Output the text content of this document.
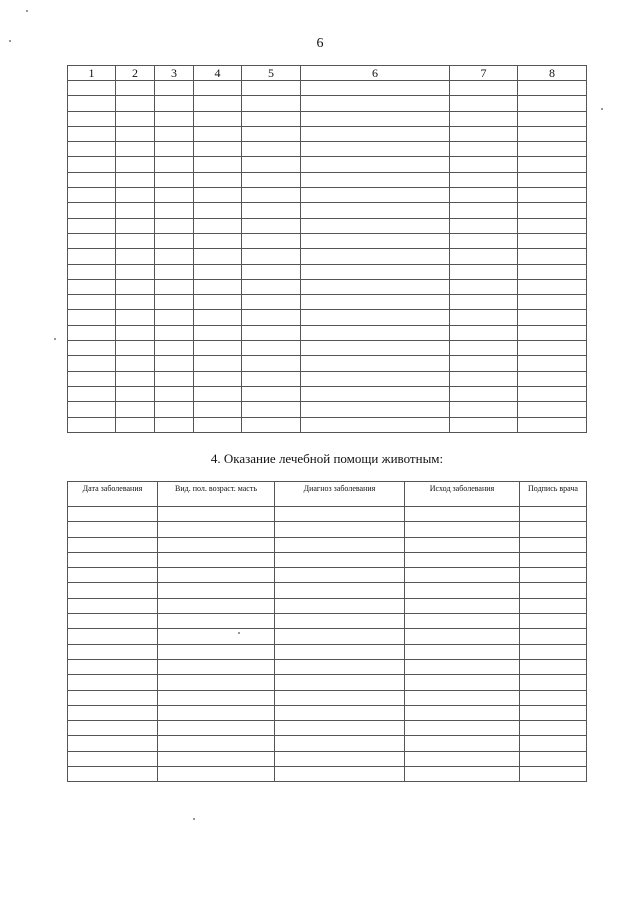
6
1	2	3	4	5	6	7	8

4. Оказание лечебной помощи животным:
Дата заболевания	Вид. пол. возраст. масть	Диагноз заболевания	Исход заболевания	Подпись врача
